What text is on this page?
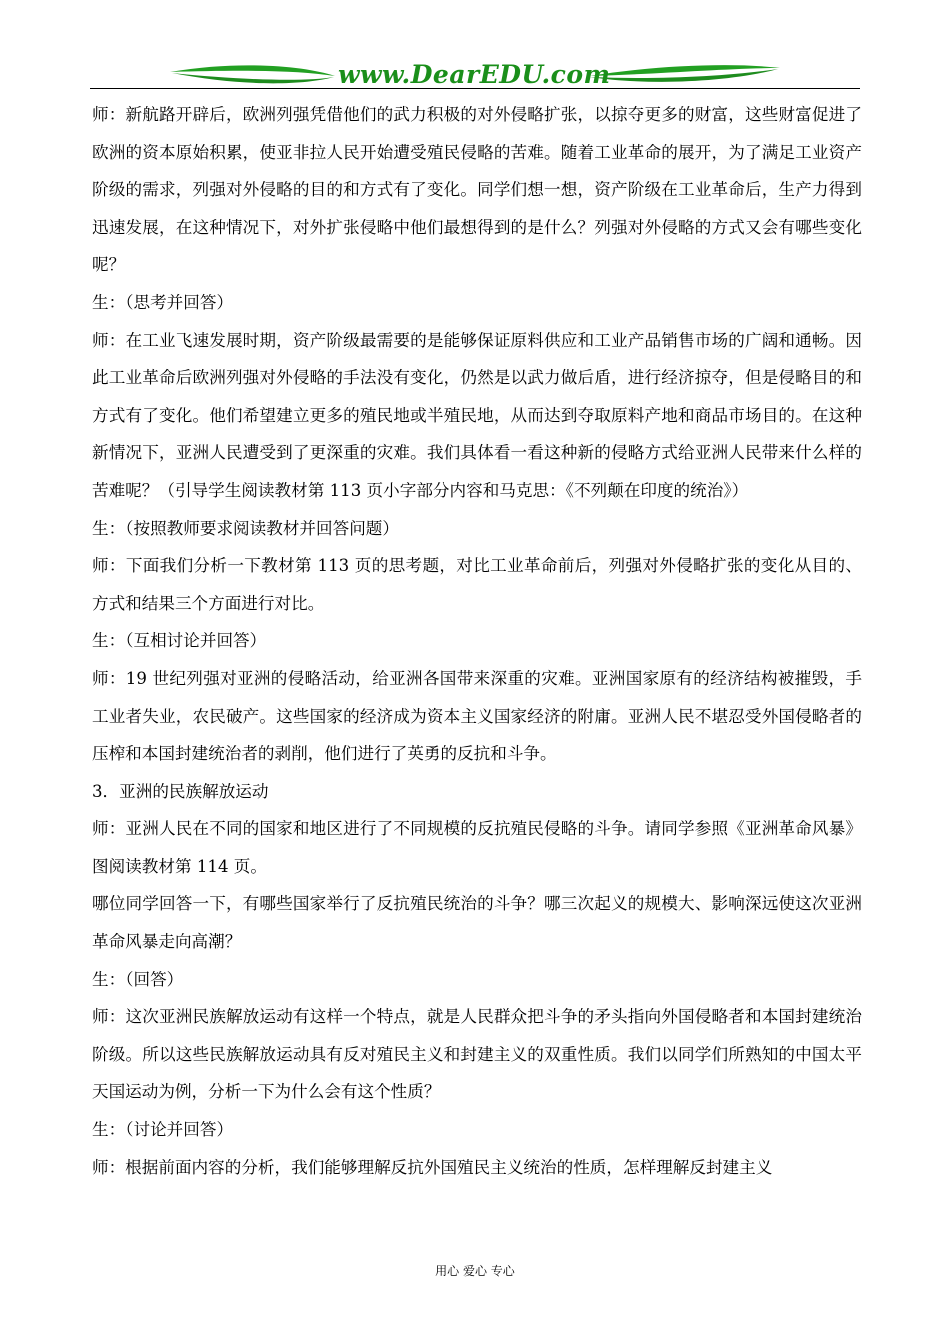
www.DearEDU.com

师：新航路开辟后，欧洲列强凭借他们的武力积极的对外侵略扩张，以掠夺更多的财富，这些财富促进了欧洲的资本原始积累，使亚非拉人民开始遭受殖民侵略的苦难。随着工业革命的展开，为了满足工业资产阶级的需求，列强对外侵略的目的和方式有了变化。同学们想一想，资产阶级在工业革命后，生产力得到迅速发展，在这种情况下，对外扩张侵略中他们最想得到的是什么？列强对外侵略的方式又会有哪些变化呢？

生：（思考并回答）

师：在工业飞速发展时期，资产阶级最需要的是能够保证原料供应和工业产品销售市场的广阔和通畅。因此工业革命后欧洲列强对外侵略的手法没有变化，仍然是以武力做后盾，进行经济掠夺，但是侵略目的和方式有了变化。他们希望建立更多的殖民地或半殖民地，从而达到夺取原料产地和商品市场目的。在这种新情况下，亚洲人民遭受到了更深重的灾难。我们具体看一看这种新的侵略方式给亚洲人民带来什么样的苦难呢？（引导学生阅读教材第 113 页小字部分内容和马克思：《不列颠在印度的统治》）

生：（按照教师要求阅读教材并回答问题）

师：下面我们分析一下教材第 113 页的思考题，对比工业革命前后，列强对外侵略扩张的变化从目的、方式和结果三个方面进行对比。

生：（互相讨论并回答）

师：19 世纪列强对亚洲的侵略活动，给亚洲各国带来深重的灾难。亚洲国家原有的经济结构被摧毁，手工业者失业，农民破产。这些国家的经济成为资本主义国家经济的附庸。亚洲人民不堪忍受外国侵略者的压榨和本国封建统治者的剥削，他们进行了英勇的反抗和斗争。

3．亚洲的民族解放运动

师：亚洲人民在不同的国家和地区进行了不同规模的反抗殖民侵略的斗争。请同学参照《亚洲革命风暴》图阅读教材第 114 页。

哪位同学回答一下，有哪些国家举行了反抗殖民统治的斗争？哪三次起义的规模大、影响深远使这次亚洲革命风暴走向高潮？

生：（回答）

师：这次亚洲民族解放运动有这样一个特点，就是人民群众把斗争的矛头指向外国侵略者和本国封建统治阶级。所以这些民族解放运动具有反对殖民主义和封建主义的双重性质。我们以同学们所熟知的中国太平天国运动为例，分析一下为什么会有这个性质？

生：（讨论并回答）

师：根据前面内容的分析，我们能够理解反抗外国殖民主义统治的性质，怎样理解反封建主义

用心 爱心 专心
